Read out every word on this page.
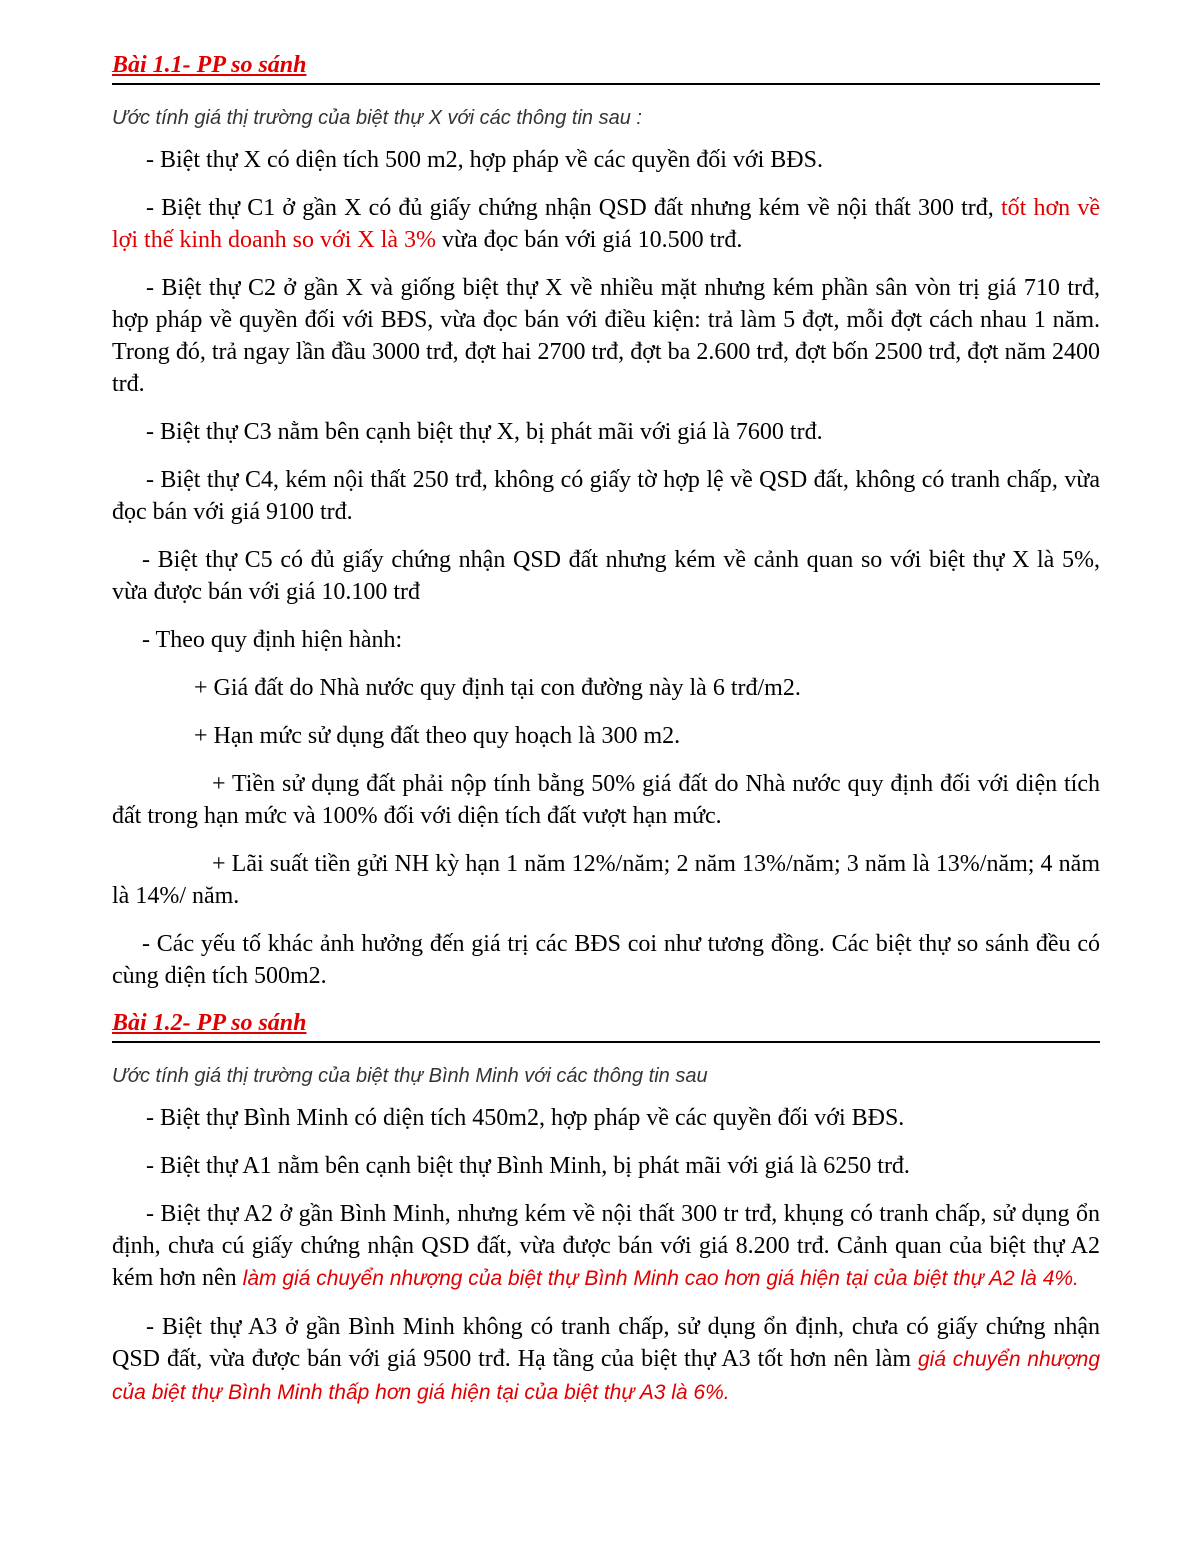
Bài 1.1- PP so sánh
Ước tính giá thị trường của biệt thự X với các thông tin sau :

- Biệt thự X có diện tích 500 m2, hợp pháp về các quyền đối với BĐS.

- Biệt thự C1 ở gần X có đủ giấy chứng nhận QSD đất nhưng kém về nội thất 300 trđ, tốt hơn về lợi thế kinh doanh so với X là 3% vừa đọc bán với giá 10.500 trđ.

- Biệt thự C2 ở gần X và giống biệt thự X về nhiều mặt nhưng kém phần sân vòn trị giá 710 trđ, hợp pháp về quyền đối với BĐS, vừa đọc bán với điều kiện: trả làm 5 đợt, mỗi đợt cách nhau 1 năm. Trong đó, trả ngay lần đầu 3000 trđ, đợt hai 2700 trđ, đợt ba 2.600 trđ, đợt bốn 2500 trđ, đợt năm 2400 trđ.

- Biệt thự C3 nằm bên cạnh biệt thự X, bị phát mãi với giá là 7600 trđ.

- Biệt thự C4, kém nội thất 250 trđ, không có giấy tờ hợp lệ về QSD đất, không có tranh chấp, vừa đọc bán với giá 9100 trđ.

- Biệt thự C5 có đủ giấy chứng nhận QSD đất nhưng kém về cảnh quan so với biệt thự X là 5%, vừa được bán với giá 10.100 trđ

- Theo quy định hiện hành:

+ Giá đất do Nhà nước quy định tại con đường này là 6 trđ/m2.

+ Hạn mức sử dụng đất theo quy hoạch là 300 m2.

+ Tiền sử dụng đất phải nộp tính bằng 50% giá đất do Nhà nước quy định đối với diện tích đất trong hạn mức và 100% đối với diện tích đất vượt hạn mức.

+ Lãi suất tiền gửi NH kỳ hạn 1 năm 12%/năm; 2 năm 13%/năm; 3 năm là 13%/năm; 4 năm là 14%/ năm.

- Các yếu tố khác ảnh hưởng đến giá trị các BĐS coi như tương đồng. Các biệt thự so sánh đều có cùng diện tích 500m2.

Bài 1.2- PP so sánh
Ước tính giá thị trường của biệt thự Bình Minh với các thông tin sau

- Biệt thự Bình Minh có diện tích 450m2, hợp pháp về các quyền đối với BĐS.

- Biệt thự A1 nằm bên cạnh biệt thự Bình Minh, bị phát mãi với giá là 6250 trđ.

- Biệt thự A2 ở gần Bình Minh, nhưng kém về nội thất 300 tr trđ, khụng có tranh chấp, sử dụng ổn định, chưa cú giấy chứng nhận QSD đất, vừa được bán với giá 8.200 trđ. Cảnh quan của biệt thự A2 kém hơn nên làm giá chuyển nhượng của biệt thự Bình Minh cao hơn giá hiện tại của biệt thự A2 là 4%.

- Biệt thự A3 ở gần Bình Minh không có tranh chấp, sử dụng ổn định, chưa có giấy chứng nhận QSD đất, vừa được bán với giá 9500 trđ. Hạ tầng của biệt thự A3 tốt hơn nên làm giá chuyển nhượng của biệt thự Bình Minh thấp hơn giá hiện tại của biệt thự A3 là 6%.
